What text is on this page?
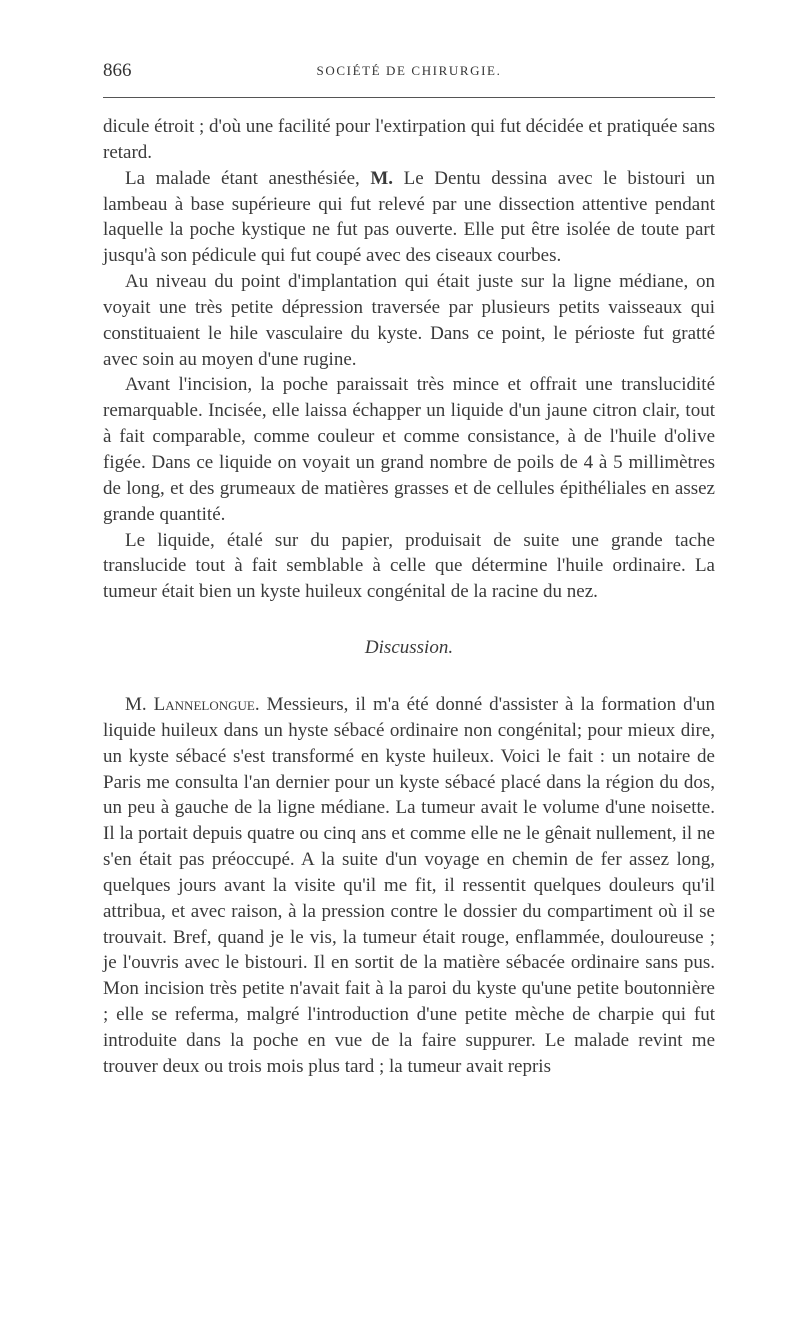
866	SOCIÉTÉ DE CHIRURGIE.

dicule étroit ; d'où une facilité pour l'extirpation qui fut décidée et pratiquée sans retard.

La malade étant anesthésiée, M. Le Dentu dessina avec le bistouri un lambeau à base supérieure qui fut relevé par une dissection attentive pendant laquelle la poche kystique ne fut pas ouverte. Elle put être isolée de toute part jusqu'à son pédicule qui fut coupé avec des ciseaux courbes.

Au niveau du point d'implantation qui était juste sur la ligne médiane, on voyait une très petite dépression traversée par plusieurs petits vaisseaux qui constituaient le hile vasculaire du kyste. Dans ce point, le périoste fut gratté avec soin au moyen d'une rugine.

Avant l'incision, la poche paraissait très mince et offrait une translucidité remarquable. Incisée, elle laissa échapper un liquide d'un jaune citron clair, tout à fait comparable, comme couleur et comme consistance, à de l'huile d'olive figée. Dans ce liquide on voyait un grand nombre de poils de 4 à 5 millimètres de long, et des grumeaux de matières grasses et de cellules épithéliales en assez grande quantité.

Le liquide, étalé sur du papier, produisait de suite une grande tache translucide tout à fait semblable à celle que détermine l'huile ordinaire. La tumeur était bien un kyste huileux congénital de la racine du nez.

Discussion.

M. Lannelongue. Messieurs, il m'a été donné d'assister à la formation d'un liquide huileux dans un hyste sébacé ordinaire non congénital; pour mieux dire, un kyste sébacé s'est transformé en kyste huileux. Voici le fait : un notaire de Paris me consulta l'an dernier pour un kyste sébacé placé dans la région du dos, un peu à gauche de la ligne médiane. La tumeur avait le volume d'une noisette. Il la portait depuis quatre ou cinq ans et comme elle ne le gênait nullement, il ne s'en était pas préoccupé. A la suite d'un voyage en chemin de fer assez long, quelques jours avant la visite qu'il me fit, il ressentit quelques douleurs qu'il attribua, et avec raison, à la pression contre le dossier du compartiment où il se trouvait. Bref, quand je le vis, la tumeur était rouge, enflammée, douloureuse ; je l'ouvris avec le bistouri. Il en sortit de la matière sébacée ordinaire sans pus. Mon incision très petite n'avait fait à la paroi du kyste qu'une petite boutonnière ; elle se referma, malgré l'introduction d'une petite mèche de charpie qui fut introduite dans la poche en vue de la faire suppurer. Le malade revint me trouver deux ou trois mois plus tard ; la tumeur avait repris
